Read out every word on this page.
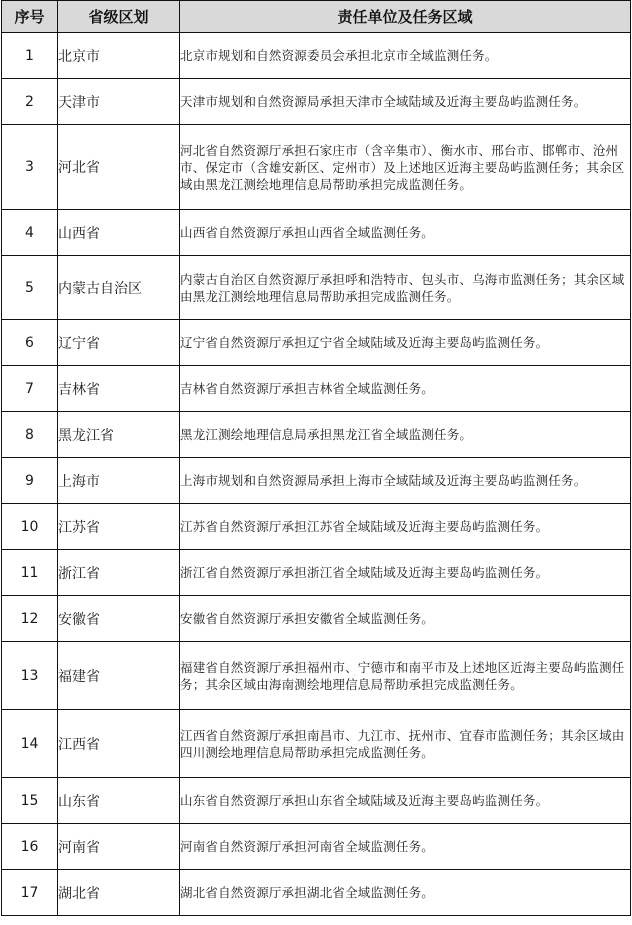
序号	省级区划	责任单位及任务区域
1	北京市	北京市规划和自然资源委员会承担北京市全域监测任务。
2	天津市	天津市规划和自然资源局承担天津市全域陆域及近海主要岛屿监测任务。
3	河北省	河北省自然资源厅承担石家庄市（含辛集市）、衡水市、邢台市、邯郸市、沧州市、保定市（含雄安新区、定州市）及上述地区近海主要岛屿监测任务；其余区域由黑龙江测绘地理信息局帮助承担完成监测任务。
4	山西省	山西省自然资源厅承担山西省全域监测任务。
5	内蒙古自治区	内蒙古自治区自然资源厅承担呼和浩特市、包头市、乌海市监测任务；其余区域由黑龙江测绘地理信息局帮助承担完成监测任务。
6	辽宁省	辽宁省自然资源厅承担辽宁省全域陆域及近海主要岛屿监测任务。
7	吉林省	吉林省自然资源厅承担吉林省全域监测任务。
8	黑龙江省	黑龙江测绘地理信息局承担黑龙江省全域监测任务。
9	上海市	上海市规划和自然资源局承担上海市全域陆域及近海主要岛屿监测任务。
10	江苏省	江苏省自然资源厅承担江苏省全域陆域及近海主要岛屿监测任务。
11	浙江省	浙江省自然资源厅承担浙江省全域陆域及近海主要岛屿监测任务。
12	安徽省	安徽省自然资源厅承担安徽省全域监测任务。
13	福建省	福建省自然资源厅承担福州市、宁德市和南平市及上述地区近海主要岛屿监测任务；其余区域由海南测绘地理信息局帮助承担完成监测任务。
14	江西省	江西省自然资源厅承担南昌市、九江市、抚州市、宜春市监测任务；其余区域由四川测绘地理信息局帮助承担完成监测任务。
15	山东省	山东省自然资源厅承担山东省全域陆域及近海主要岛屿监测任务。
16	河南省	河南省自然资源厅承担河南省全域监测任务。
17	湖北省	湖北省自然资源厅承担湖北省全域监测任务。
